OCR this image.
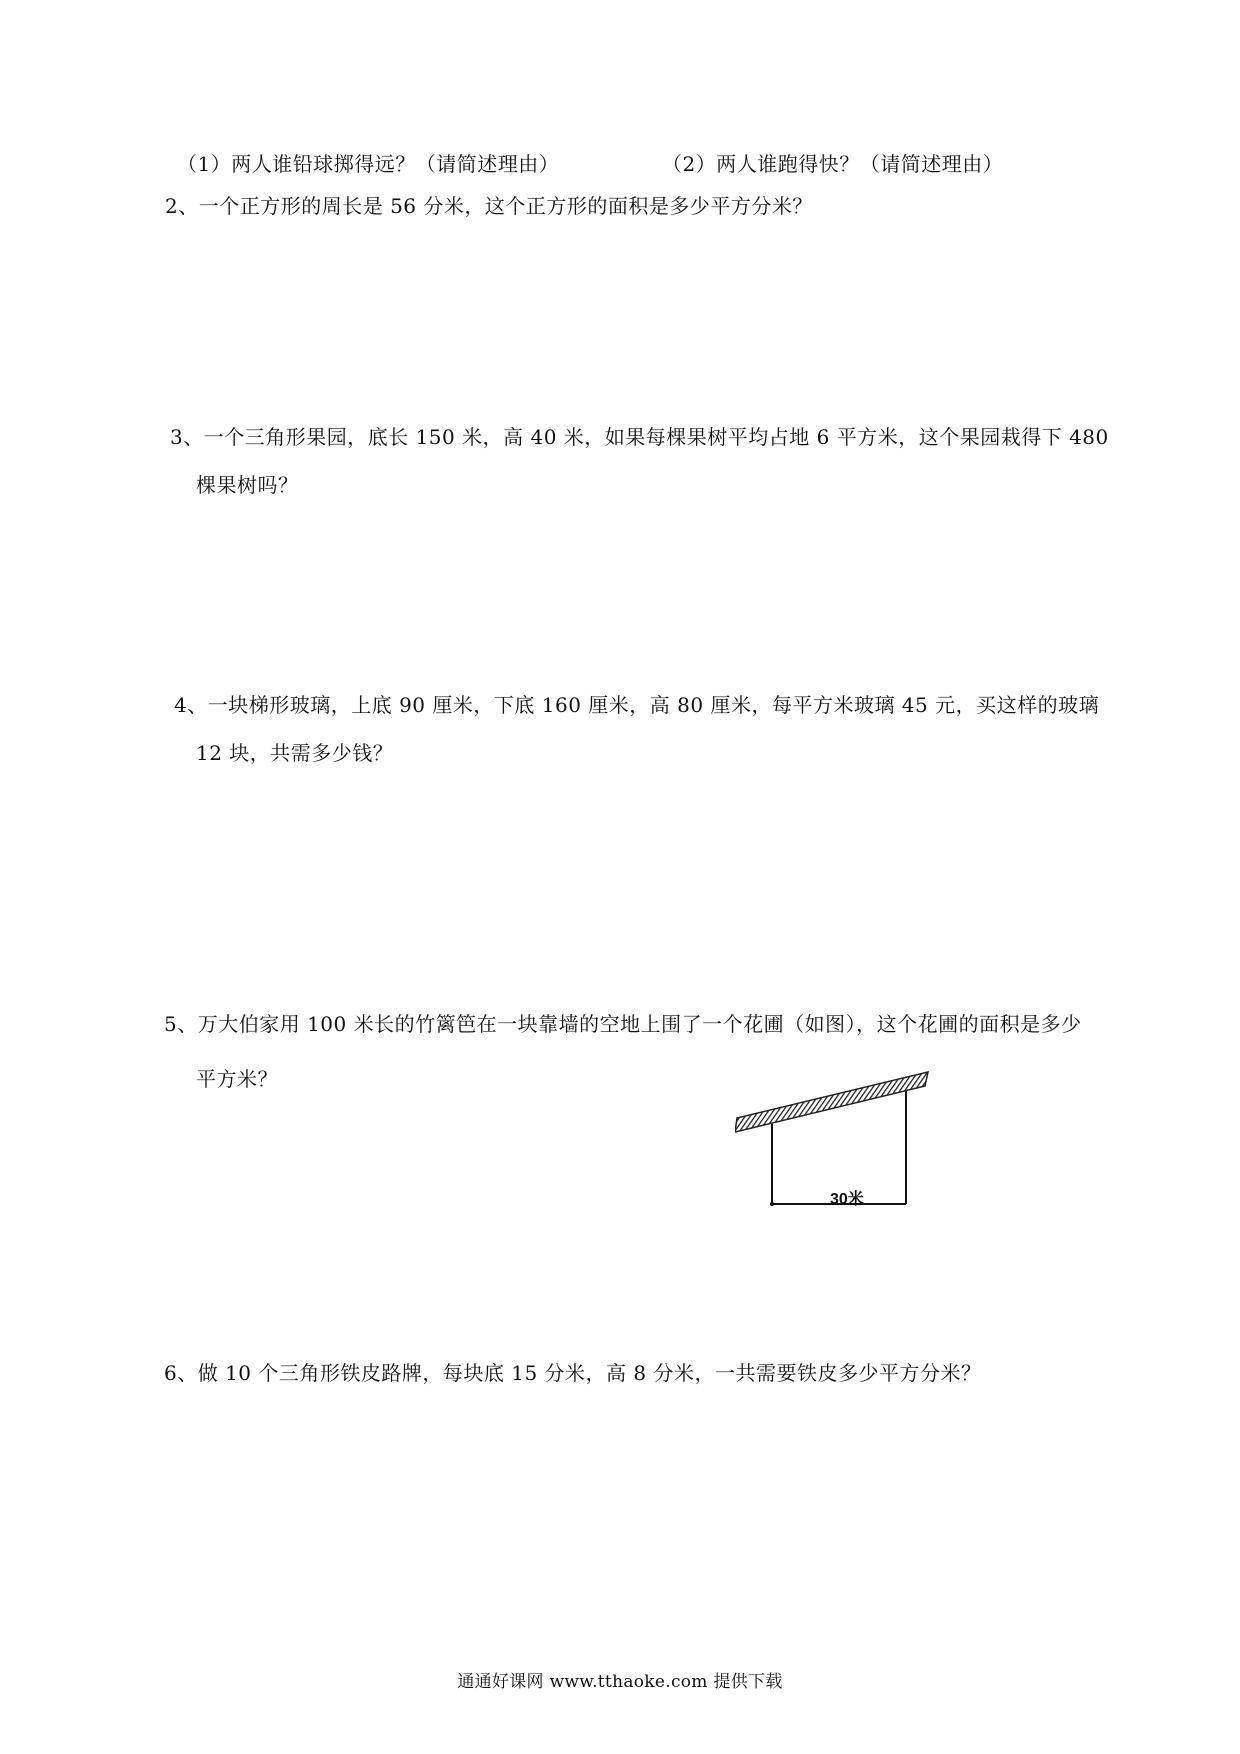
（1）两人谁铅球掷得远？（请简述理由）	（2）两人谁跑得快？（请简述理由）
2、一个正方形的周长是 56 分米，这个正方形的面积是多少平方分米？
3、一个三角形果园，底长 150 米，高 40 米，如果每棵果树平均占地 6 平方米，这个果园栽得下 480
棵果树吗？
4、一块梯形玻璃，上底 90 厘米，下底 160 厘米，高 80 厘米，每平方米玻璃 45 元，买这样的玻璃
12 块，共需多少钱？
5、万大伯家用 100 米长的竹篱笆在一块靠墙的空地上围了一个花圃（如图），这个花圃的面积是多少
平方米？
30米
6、做 10 个三角形铁皮路牌，每块底 15 分米，高 8 分米，一共需要铁皮多少平方分米？
通通好课网 www.tthaoke.com 提供下载
